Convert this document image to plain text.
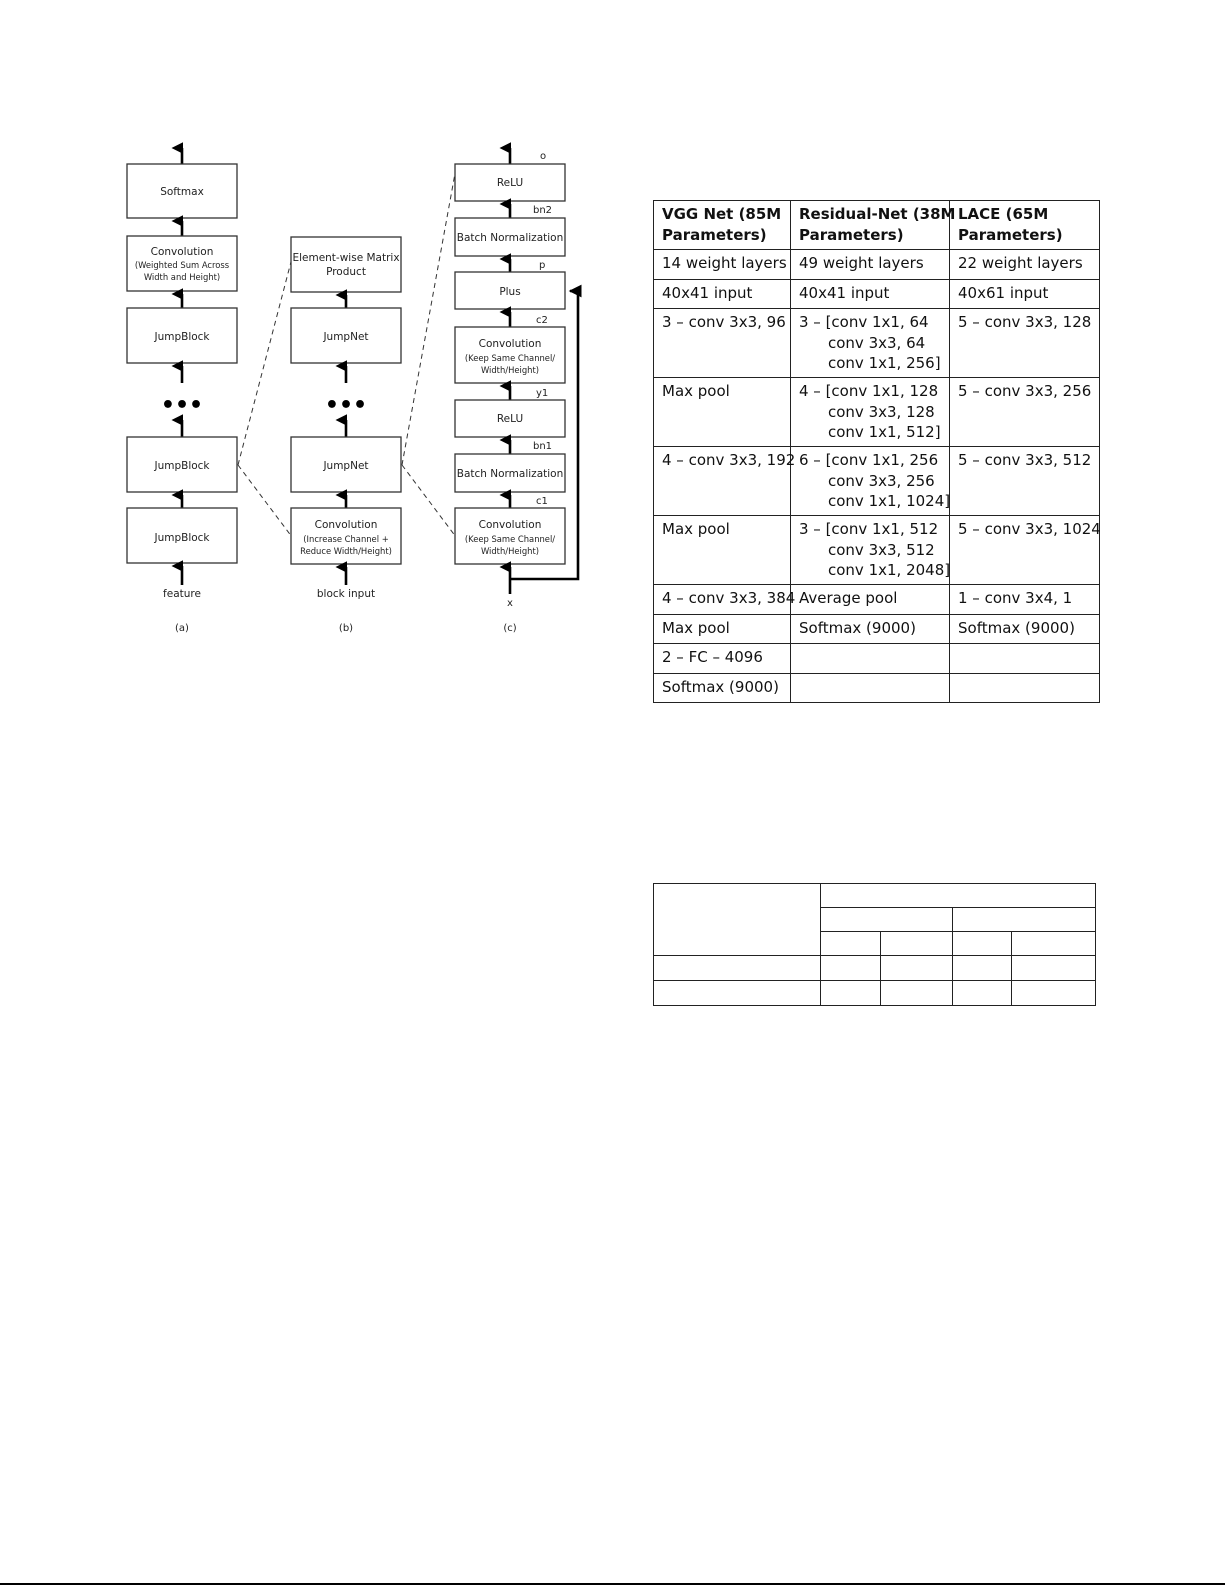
Softmax
Convolution
(Weighted Sum Across
Width and Height)
JumpBlock
•••
JumpBlock
JumpBlock
feature
(a)
Element-wise Matrix
Product
JumpNet
•••
JumpNet
Convolution
(Increase Channel +
Reduce Width/Height)
block input
(b)
o
ReLU
bn2
Batch Normalization
p
Plus
c2
Convolution
(Keep Same Channel/
Width/Height)
y1
ReLU
bn1
Batch Normalization
c1
Convolution
(Keep Same Channel/
Width/Height)
x
(c)
VGG Net (85M
Parameters)	Residual-Net (38M
Parameters)	LACE (65M
Parameters)

14 weight layers	49 weight layers	22 weight layers

40x41 input	40x41 input	40x61 input

3 – conv 3x3, 96	3 – [conv 1x1, 64
conv 3x3, 64
conv 1x1, 256]	5 – conv 3x3, 128

Max pool	4 – [conv 1x1, 128
conv 3x3, 128
conv 1x1, 512]	5 – conv 3x3, 256

4 – conv 3x3, 192	6 – [conv 1x1, 256
conv 3x3, 256
conv 1x1, 1024]	5 – conv 3x3, 512

Max pool	3 – [conv 1x1, 512
conv 3x3, 512
conv 1x1, 2048]	5 – conv 3x3, 1024

4 – conv 3x3, 384	Average pool	1 – conv 3x4, 1

Max pool	Softmax (9000)	Softmax (9000)

2 – FC – 4096		

Softmax (9000)		
